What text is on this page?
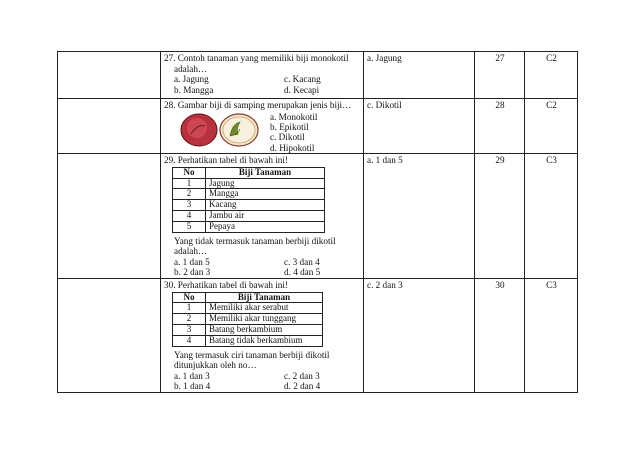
27. Contoh tanaman yang memiliki biji monokotil
adalah…
a. Jagung	c. Kacang
b. Mangga	d. Kecapi
	a. Jagung	27	C2

28. Gambar biji di samping merupakan jenis biji…
a. Monokotil
b. Epikotil
c. Dikotil
d. Hipokotil
	c. Dikotil	28	C2

29. Perhatikan tabel di bawah ini!
No	Biji Tanaman
1	Jagung
2	Mangga
3	Kacang
4	Jambu air
5	Pepaya
Yang tidak termasuk tanaman berbiji dikotil
adalah…
a. 1 dan 5	c. 3 dan 4
b. 2 dan 3	d. 4 dan 5
	a. 1 dan 5	29	C3

30. Perhatikan tabel di bawah ini!
No	Biji Tanaman
1	Memiliki akar serabut
2	Memiliki akar tunggang
3	Batang berkambium
4	Batang tidak berkambium
Yang termasuk ciri tanaman berbiji dikotil
ditunjukkan oleh no…
a. 1 dan 3	c. 2 dan 3
b. 1 dan 4	d. 2 dan 4
	c. 2 dan 3	30	C3
